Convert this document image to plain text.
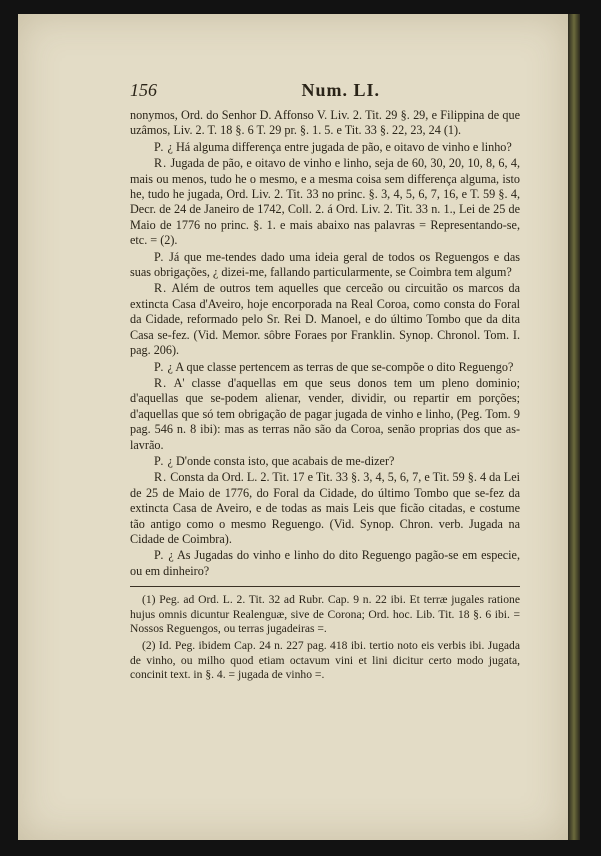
156	Num. LI.

nonymos, Ord. do Senhor D. Affonso V. Liv. 2. Tit. 29 §. 29, e Filippina de que uzâmos, Liv. 2. T. 18 §. 6 T. 29 pr. §. 1. 5. e Tit. 33 §. 22, 23, 24 (1).

P. ¿ Há alguma differença entre jugada de pão, e oitavo de vinho e linho?

R. Jugada de pão, e oitavo de vinho e linho, seja de 60, 30, 20, 10, 8, 6, 4, mais ou menos, tudo he o mesmo, e a mesma coisa sem differença alguma, isto he, tudo he jugada, Ord. Liv. 2. Tit. 33 no princ. §. 3, 4, 5, 6, 7, 16, e T. 59 §. 4, Decr. de 24 de Janeiro de 1742, Coll. 2. á Ord. Liv. 2. Tit. 33 n. 1., Lei de 25 de Maio de 1776 no princ. §. 1. e mais abaixo nas palavras = Representando-se, etc. = (2).

P. Já que me-tendes dado uma ideia geral de todos os Reguengos e das suas obrigações, ¿ dizei-me, fallando particularmente, se Coimbra tem algum?

R. Além de outros tem aquelles que cerceão ou circuitão os marcos da extincta Casa d'Aveiro, hoje encorporada na Real Coroa, como consta do Foral da Cidade, reformado pelo Sr. Rei D. Manoel, e do último Tombo que da dita Casa se-fez. (Vid. Memor. sôbre Foraes por Franklin. Synop. Chronol. Tom. I. pag. 206).

P. ¿ A que classe pertencem as terras de que se-compõe o dito Reguengo?

R. A' classe d'aquellas em que seus donos tem um pleno dominio; d'aquellas que se-podem alienar, vender, dividir, ou repartir em porções; d'aquellas que só tem obrigação de pagar jugada de vinho e linho, (Peg. Tom. 9 pag. 546 n. 8 ibi): mas as terras não são da Coroa, senão proprias dos que as-lavrão.

P. ¿ D'onde consta isto, que acabais de me-dizer?

R. Consta da Ord. L. 2. Tit. 17 e Tit. 33 §. 3, 4, 5, 6, 7, e Tit. 59 §. 4 da Lei de 25 de Maio de 1776, do Foral da Cidade, do último Tombo que se-fez da extincta Casa de Aveiro, e de todas as mais Leis que ficão citadas, e costume tão antigo como o mesmo Reguengo. (Vid. Synop. Chron. verb. Jugada na Cidade de Coimbra).

P. ¿ As Jugadas do vinho e linho do dito Reguengo pagão-se em especie, ou em dinheiro?

(1) Peg. ad Ord. L. 2. Tit. 32 ad Rubr. Cap. 9 n. 22 ibi. Et terræ jugales ratione hujus omnis dicuntur Realenguæ, sive de Corona; Ord. hoc. Lib. Tit. 18 §. 6 ibi. = Nossos Reguengos, ou terras jugadeiras =.

(2) Id. Peg. ibidem Cap. 24 n. 227 pag. 418 ibi. tertio noto eis verbis ibi. Jugada de vinho, ou milho quod etiam octavum vini et lini dicitur certo modo jugata, concinit text. in §. 4. = jugada de vinho =.
